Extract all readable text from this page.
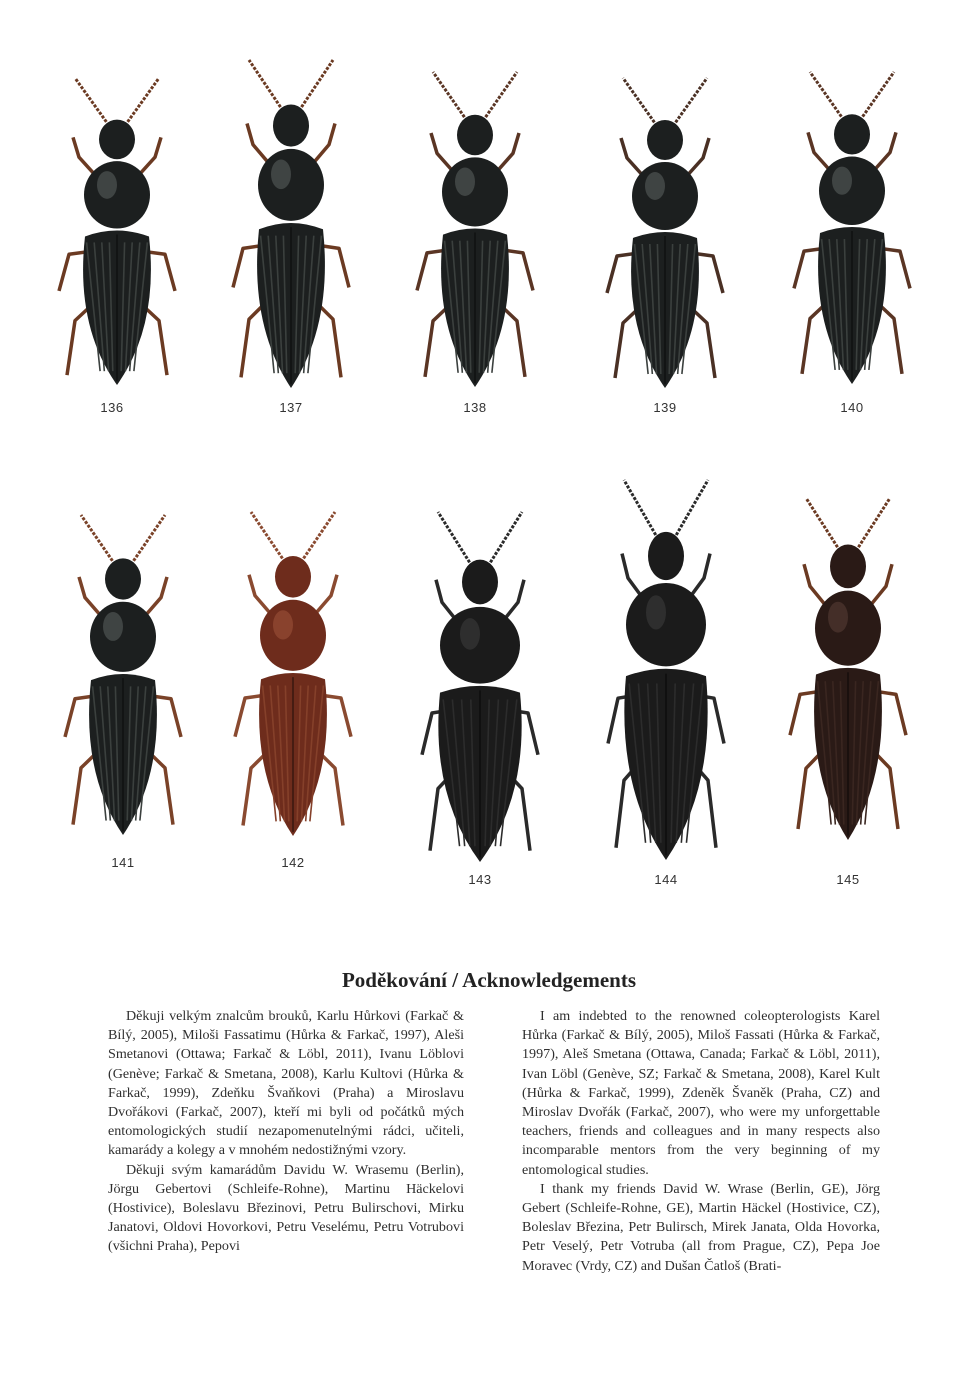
136	137	138	139	140
141	142
143	144	145
Poděkování / Acknowledgements

Děkuji velkým znalcům brouků, Karlu Hůrkovi (Farkač & Bílý, 2005), Miloši Fassatimu (Hůrka & Farkač, 1997), Aleši Smetanovi (Ottawa; Farkač & Löbl, 2011), Ivanu Löblovi (Genève; Farkač & Smetana, 2008), Karlu Kultovi (Hůrka & Farkač, 1999), Zdeňku Švaňkovi (Praha) a Miroslavu Dvořákovi (Farkač, 2007), kteří mi byli od počátků mých entomologických studií nezapomenutelnými rádci, učiteli, kamarády a kolegy a v mnohém nedostižnými vzory.

Děkuji svým kamarádům Davidu W. Wrasemu (Berlin), Jörgu Gebertovi (Schleife-Rohne), Martinu Häckelovi (Hostivice), Boleslavu Březinovi, Petru Bulirschovi, Mirku Janatovi, Oldovi Hovorkovi, Petru Veselému, Petru Votrubovi (všichni Praha), Pepovi

I am indebted to the renowned coleopterologists Karel Hůrka (Farkač & Bílý, 2005), Miloš Fassati (Hůrka & Farkač, 1997), Aleš Smetana (Ottawa, Canada; Farkač & Löbl, 2011), Ivan Löbl (Genève, SZ; Farkač & Smetana, 2008), Karel Kult (Hůrka & Farkač, 1999), Zdeněk Švaněk (Praha, CZ) and Miroslav Dvořák (Farkač, 2007), who were my unforgettable teachers, friends and colleagues and in many respects also incomparable mentors from the very beginning of my entomological studies.

I thank my friends David W. Wrase (Berlin, GE), Jörg Gebert (Schleife-Rohne, GE), Martin Häckel (Hostivice, CZ), Boleslav Březina, Petr Bulirsch, Mirek Janata, Olda Hovorka, Petr Veselý, Petr Votruba (all from Prague, CZ), Pepa Joe Moravec (Vrdy, CZ) and Dušan Čatloš (Brati-
